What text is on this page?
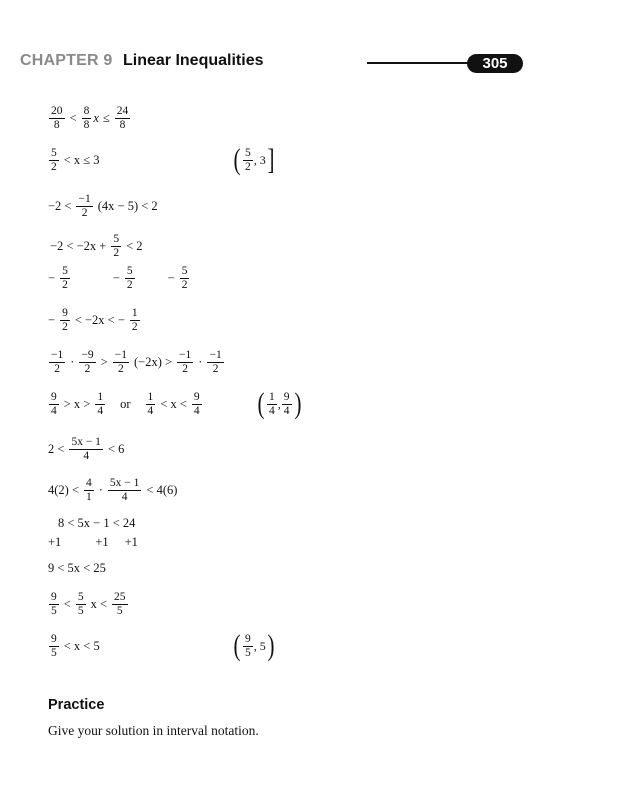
CHAPTER 9 Linear Inequalities	305
$\frac{20}{8} < \frac{8}{8}$ $x \le \frac{24}{8}$
$\frac{5}{2} < x \le 3$	( $\frac{5}{2}$ , 3 ]
$-2 < \frac{-1}{2} (4x - 5) < 2$
$-2 < -2x + \frac{5}{2} < 2$
− $\frac{5}{2}$	− $\frac{5}{2}$	− $\frac{5}{2}$
− $\frac{9}{2} < -2x$ < − $\frac{1}{2}$
$\frac{-1}{2} \cdot \frac{-9}{2} > \frac{-1}{2} (-2x) > \frac{-1}{2} \cdot \frac{-1}{2}$
$\frac{9}{4} > x > \frac{1}{4}$ or $\frac{1}{4} < x < \frac{9}{4}$ ( $\frac{1}{4}$ , $\frac{9}{4}$ )
$2 < \frac{5x - 1}{4} < 6$
$4(2) < \frac{4}{1} \cdot \frac{5x - 1}{4} < 4(6)$
8 < 5x − 1 < 24
+1	+1 +1
9 < 5x < 25
$\frac{9}{5} < \frac{5}{5}$ $x < \frac{25}{5}$
$\frac{9}{5} < x < 5$	( $\frac{9}{5}$ , 5 )
Practice
Give your solution in interval notation.
